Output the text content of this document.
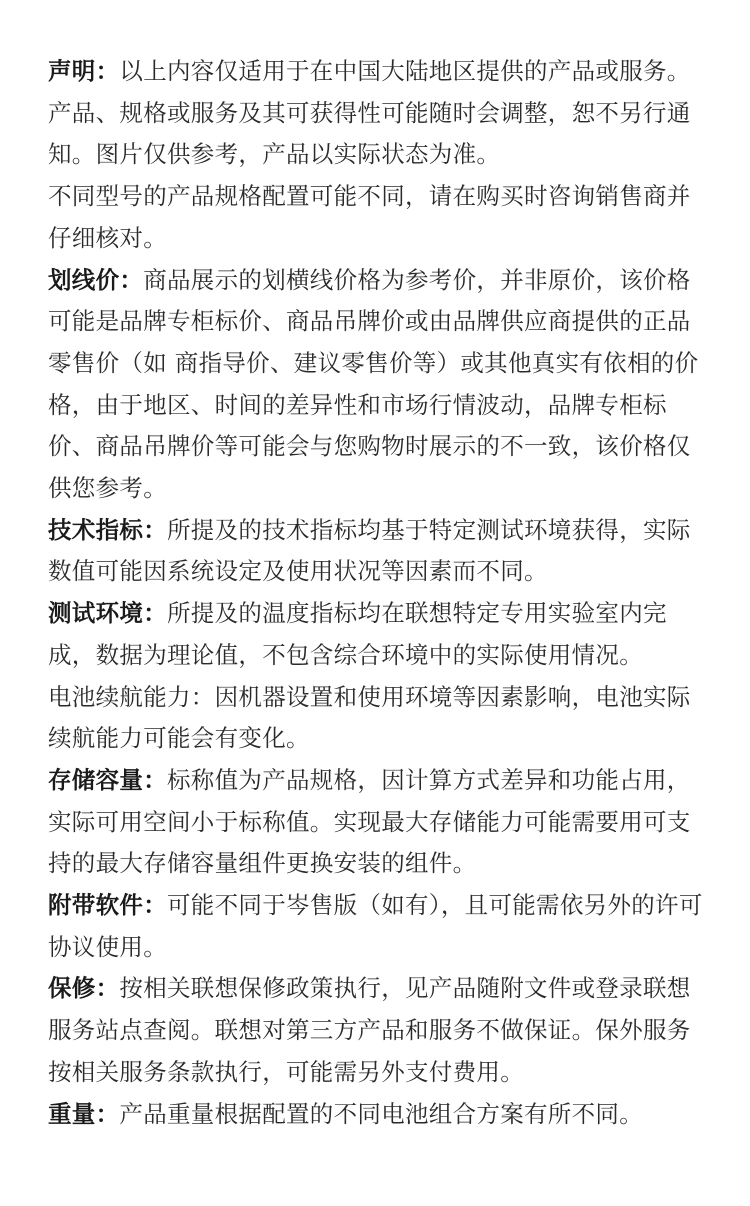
声明：以上内容仅适用于在中国大陆地区提供的产品或服务。产品、规格或服务及其可获得性可能随时会调整，恕不另行通知。图片仅供参考，产品以实际状态为准。

不同型号的产品规格配置可能不同，请在购买时咨询销售商并仔细核对。

划线价：商品展示的划横线价格为参考价，并非原价，该价格可能是品牌专柜标价、商品吊牌价或由品牌供应商提供的正品零售价（如 商指导价、建议零售价等）或其他真实有依相的价格，由于地区、时间的差异性和市场行情波动，品牌专柜标价、商品吊牌价等可能会与您购物时展示的不一致，该价格仅供您参考。

技术指标：所提及的技术指标均基于特定测试环境获得，实际数值可能因系统设定及使用状况等因素而不同。

测试环境：所提及的温度指标均在联想特定专用实验室内完成，数据为理论值，不包含综合环境中的实际使用情况。

电池续航能力：因机器设置和使用环境等因素影响，电池实际续航能力可能会有变化。

存储容量：标称值为产品规格，因计算方式差异和功能占用，实际可用空间小于标称值。实现最大存储能力可能需要用可支持的最大存储容量组件更换安装的组件。

附带软件：可能不同于岑售版（如有），且可能需依另外的许可协议使用。

保修：按相关联想保修政策执行，见产品随附文件或登录联想服务站点查阅。联想对第三方产品和服务不做保证。保外服务按相关服务条款执行，可能需另外支付费用。

重量：产品重量根据配置的不同电池组合方案有所不同。
